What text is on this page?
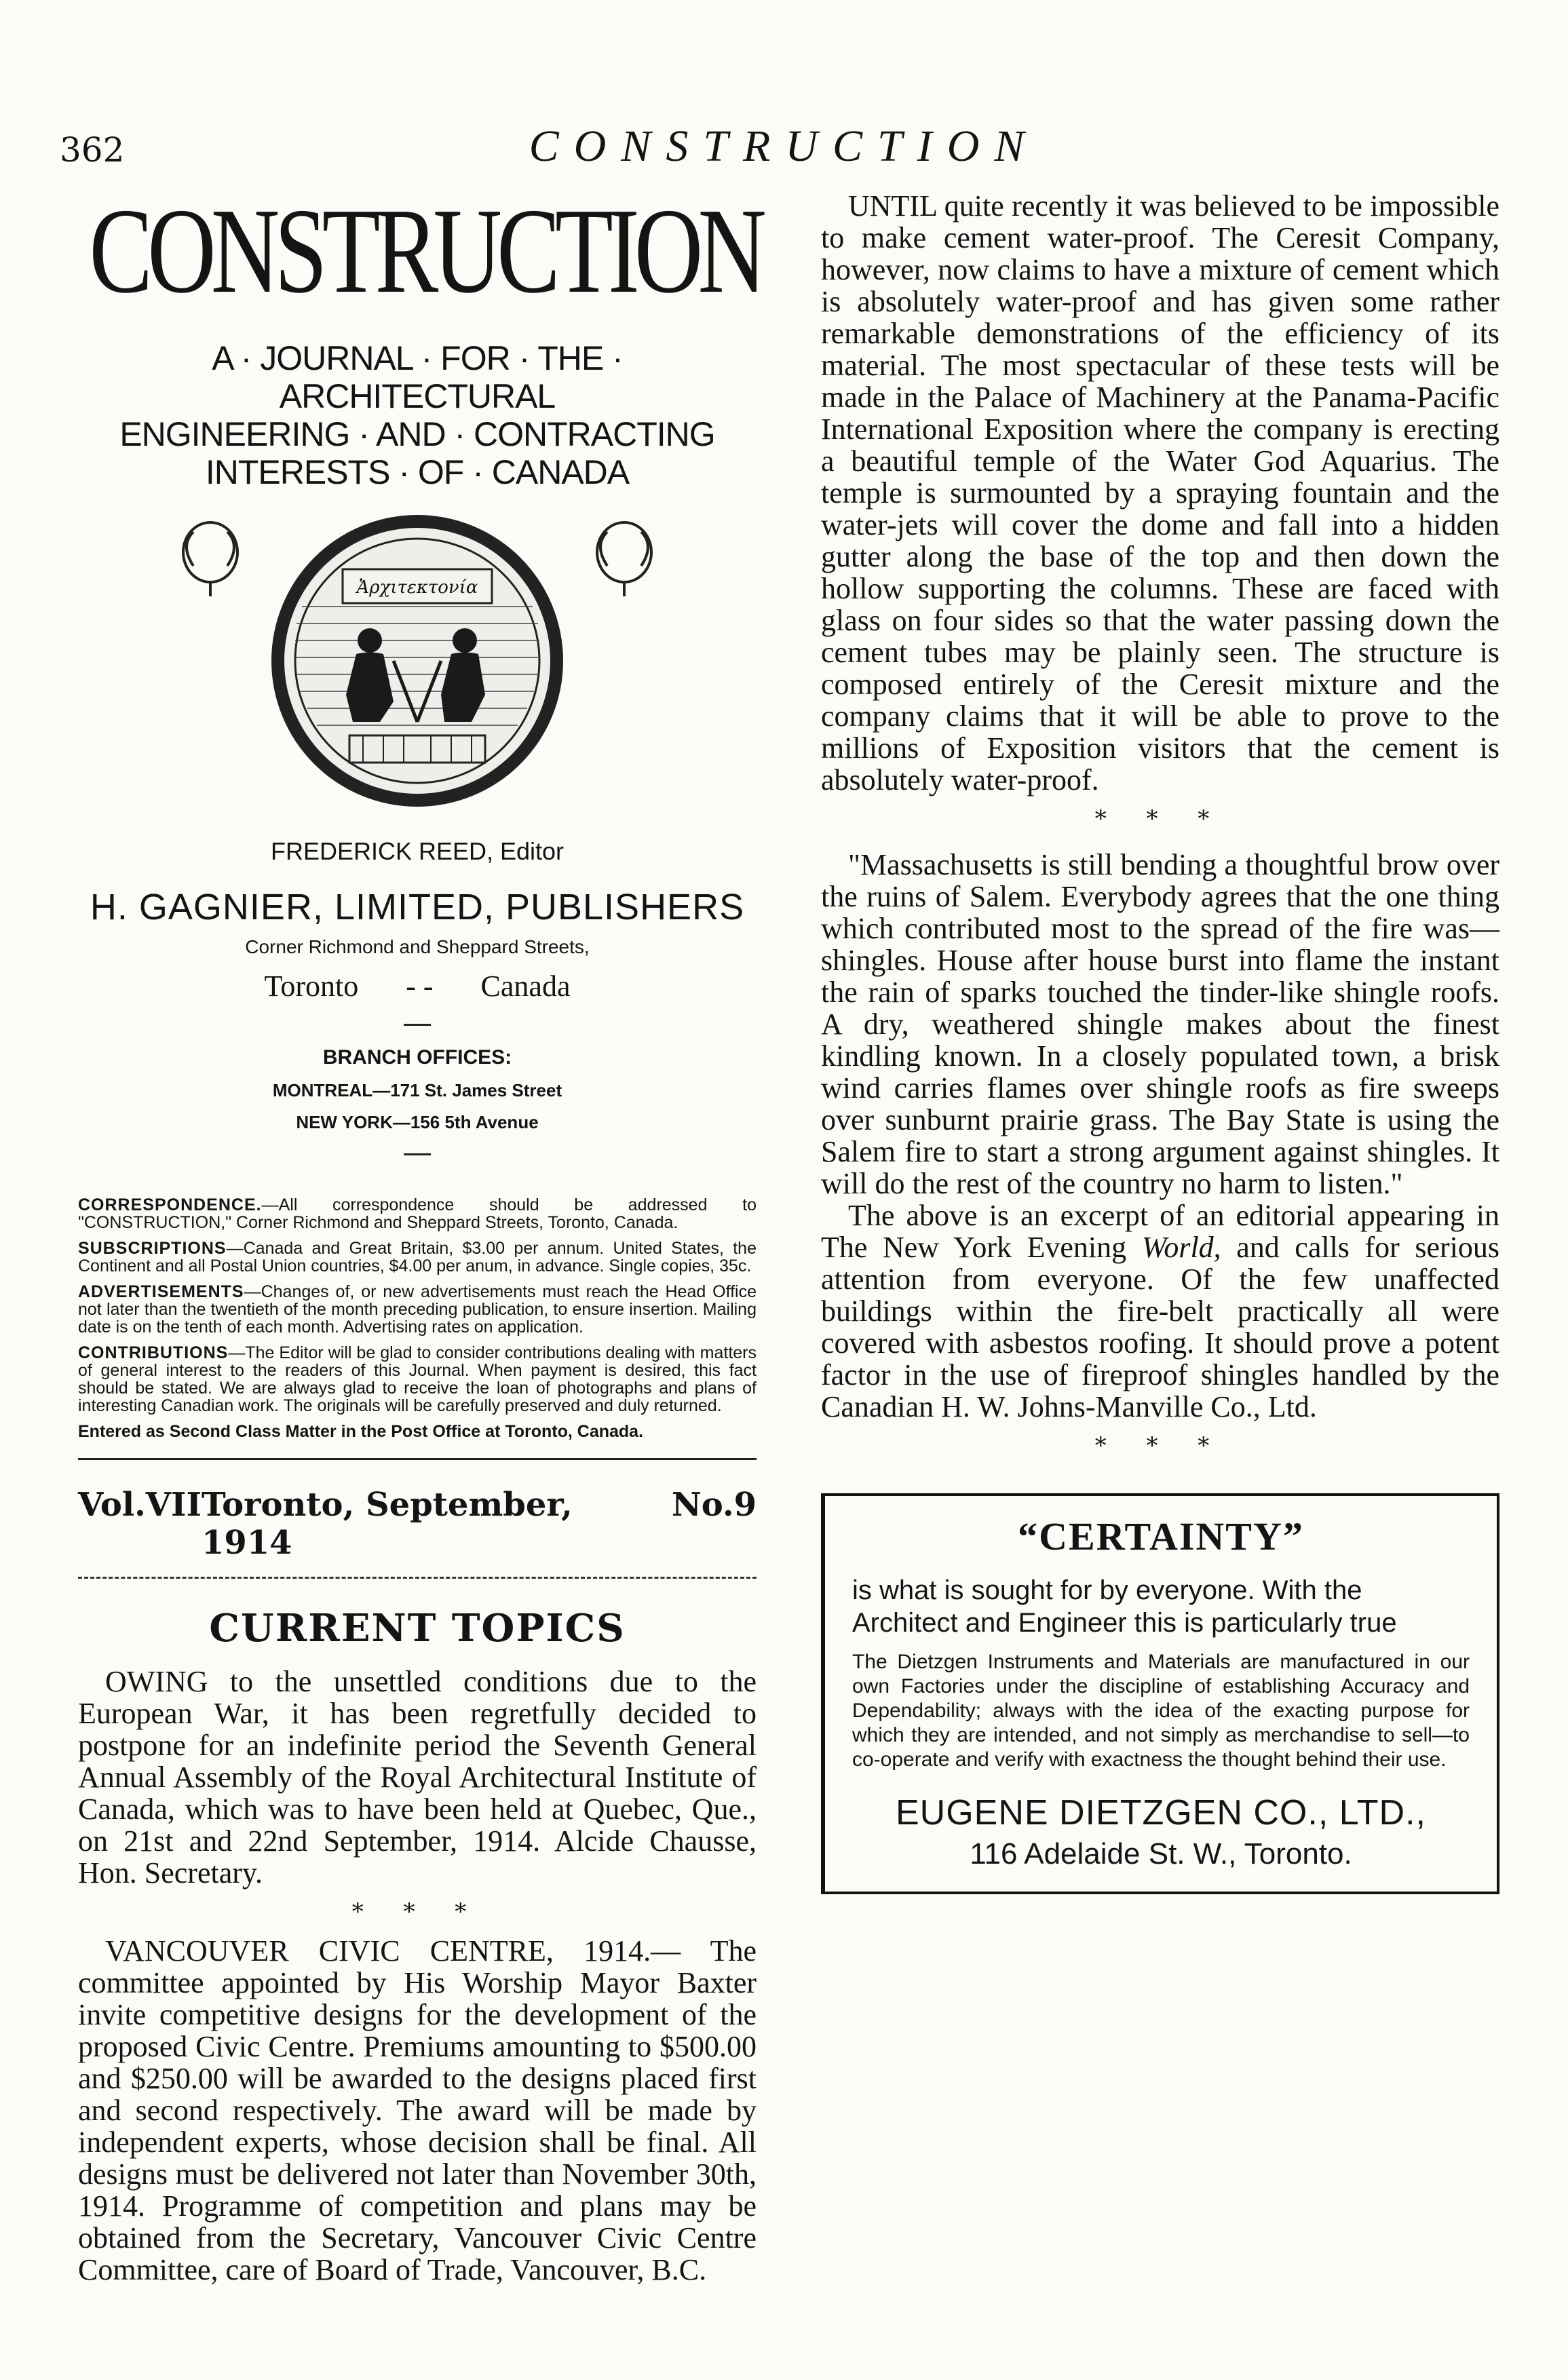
362	CONSTRUCTION
CONSTRUCTION
A · JOURNAL · FOR · THE · ARCHITECTURAL
ENGINEERING · AND · CONTRACTING
INTERESTS · OF · CANADA
Ἀρχιτεκτονία
FREDERICK REED, Editor
H. GAGNIER, LIMITED, PUBLISHERS
Corner Richmond and Sheppard Streets,
Toronto - - Canada
BRANCH OFFICES:
MONTREAL—171 St. James Street
NEW YORK—156 5th Avenue
CORRESPONDENCE.—All correspondence should be addressed to "CONSTRUCTION," Corner Richmond and Sheppard Streets, Toronto, Canada.
SUBSCRIPTIONS—Canada and Great Britain, $3.00 per annum. United States, the Continent and all Postal Union countries, $4.00 per anum, in advance. Single copies, 35c.
ADVERTISEMENTS—Changes of, or new advertisements must reach the Head Office not later than the twentieth of the month preceding publication, to ensure insertion. Mailing date is on the tenth of each month. Advertising rates on application.
CONTRIBUTIONS—The Editor will be glad to consider contributions dealing with matters of general interest to the readers of this Journal. When payment is desired, this fact should be stated. We are always glad to receive the loan of photographs and plans of interesting Canadian work. The originals will be carefully preserved and duly returned.
Entered as Second Class Matter in the Post Office at Toronto, Canada.
Vol.VII Toronto, September, 1914
No.9
CURRENT TOPICS

OWING to the unsettled conditions due to the European War, it has been regretfully decided to postpone for an indefinite period the Seventh General Annual Assembly of the Royal Architectural Institute of Canada, which was to have been held at Quebec, Que., on 21st and 22nd September, 1914. Alcide Chausse, Hon. Secretary.

* * *

VANCOUVER CIVIC CENTRE, 1914.— The committee appointed by His Worship Mayor Baxter invite competitive designs for the development of the proposed Civic Centre. Premiums amounting to $500.00 and $250.00 will be awarded to the designs placed first and second respectively. The award will be made by independent experts, whose decision shall be final. All designs must be delivered not later than November 30th, 1914. Programme of competition and plans may be obtained from the Secretary, Vancouver Civic Centre Committee, care of Board of Trade, Vancouver, B.C.

UNTIL quite recently it was believed to be impossible to make cement water-proof. The Ceresit Company, however, now claims to have a mixture of cement which is absolutely water-proof and has given some rather remarkable demonstrations of the efficiency of its material. The most spectacular of these tests will be made in the Palace of Machinery at the Panama-Pacific International Exposition where the company is erecting a beautiful temple of the Water God Aquarius. The temple is surmounted by a spraying fountain and the water-jets will cover the dome and fall into a hidden gutter along the base of the top and then down the hollow supporting the columns. These are faced with glass on four sides so that the water passing down the cement tubes may be plainly seen. The structure is composed entirely of the Ceresit mixture and the company claims that it will be able to prove to the millions of Exposition visitors that the cement is absolutely water-proof.

* * *

"Massachusetts is still bending a thoughtful brow over the ruins of Salem. Everybody agrees that the one thing which contributed most to the spread of the fire was—shingles. House after house burst into flame the instant the rain of sparks touched the tinder-like shingle roofs. A dry, weathered shingle makes about the finest kindling known. In a closely populated town, a brisk wind carries flames over shingle roofs as fire sweeps over sunburnt prairie grass. The Bay State is using the Salem fire to start a strong argument against shingles. It will do the rest of the country no harm to listen."

The above is an excerpt of an editorial appearing in The New York Evening World, and calls for serious attention from everyone. Of the few unaffected buildings within the fire-belt practically all were covered with asbestos roofing. It should prove a potent factor in the use of fireproof shingles handled by the Canadian H. W. Johns-Manville Co., Ltd.

* * *
“CERTAINTY”
is what is sought for by everyone. With the Architect and Engineer this is particularly true
The Dietzgen Instruments and Materials are manufactured in our own Factories under the discipline of establishing Accuracy and Dependability; always with the idea of the exacting purpose for which they are intended, and not simply as merchandise to sell—to co-operate and verify with exactness the thought behind their use.
EUGENE DIETZGEN CO., LTD.,
116 Adelaide St. W., Toronto.
